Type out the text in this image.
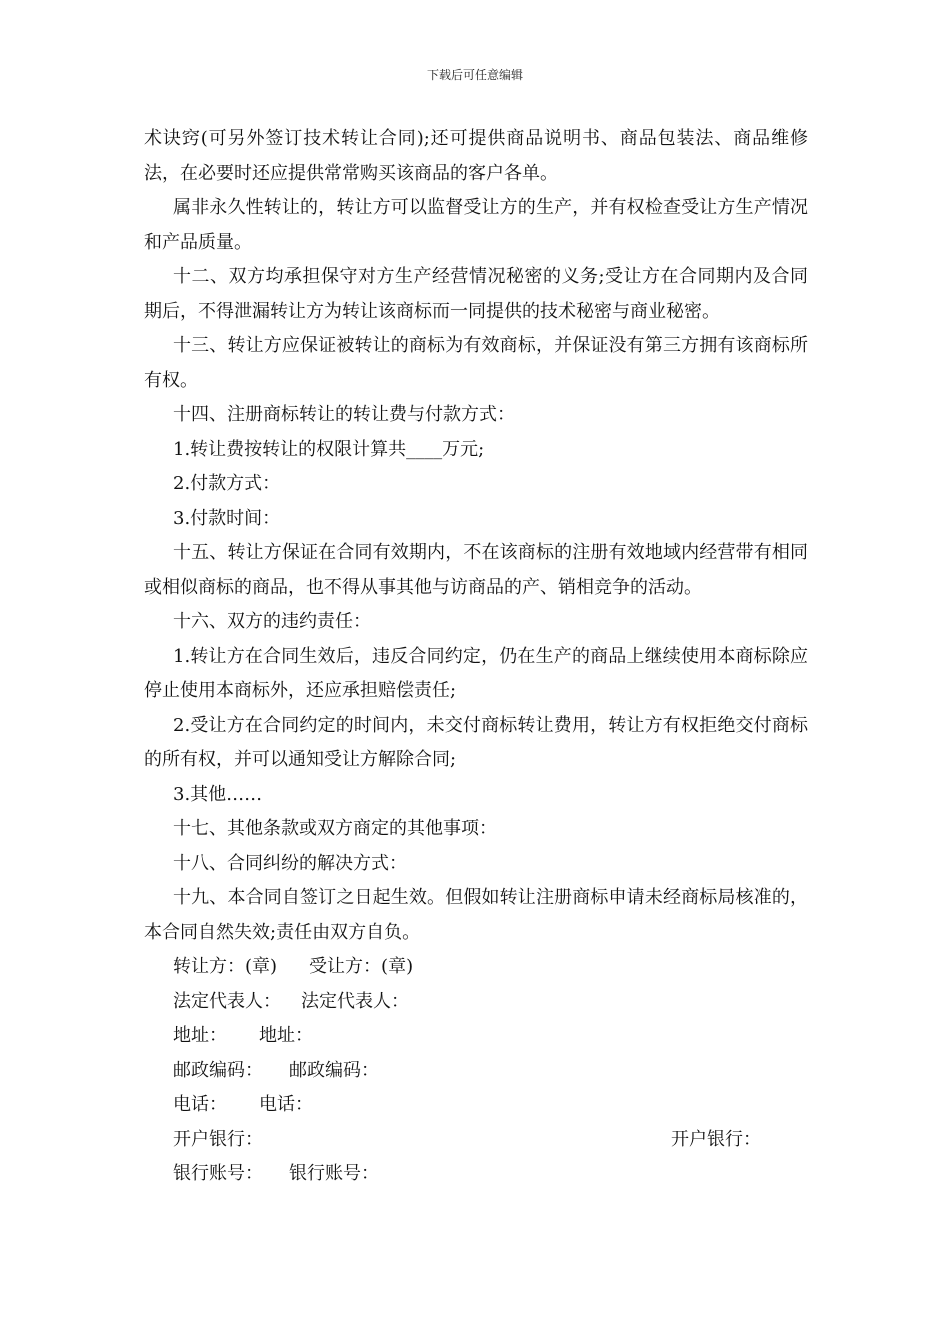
下载后可任意编辑

术诀窍(可另外签订技术转让合同);还可提供商品说明书、商品包装法、商品维修法，在必要时还应提供常常购买该商品的客户各单。

属非永久性转让的，转让方可以监督受让方的生产，并有权检查受让方生产情况和产品质量。

十二、双方均承担保守对方生产经营情况秘密的义务;受让方在合同期内及合同期后，不得泄漏转让方为转让该商标而一同提供的技术秘密与商业秘密。

十三、转让方应保证被转让的商标为有效商标，并保证没有第三方拥有该商标所有权。

十四、注册商标转让的转让费与付款方式：

1.转让费按转让的权限计算共____万元;

2.付款方式：

3.付款时间：

十五、转让方保证在合同有效期内，不在该商标的注册有效地域内经营带有相同或相似商标的商品，也不得从事其他与访商品的产、销相竞争的活动。

十六、双方的违约责任：

1.转让方在合同生效后，违反合同约定，仍在生产的商品上继续使用本商标除应停止使用本商标外，还应承担赔偿责任;

2.受让方在合同约定的时间内，未交付商标转让费用，转让方有权拒绝交付商标的所有权，并可以通知受让方解除合同;

3.其他……

十七、其他条款或双方商定的其他事项：

十八、合同纠纷的解决方式：

十九、本合同自签订之日起生效。但假如转让注册商标申请未经商标局核准的，本合同自然失效;责任由双方自负。

转让方：(章) 受让方：(章)
法定代表人： 法定代表人：
地址： 地址：
邮政编码： 邮政编码：
电话： 电话：
开户银行：	开户银行：
银行账号： 银行账号：
